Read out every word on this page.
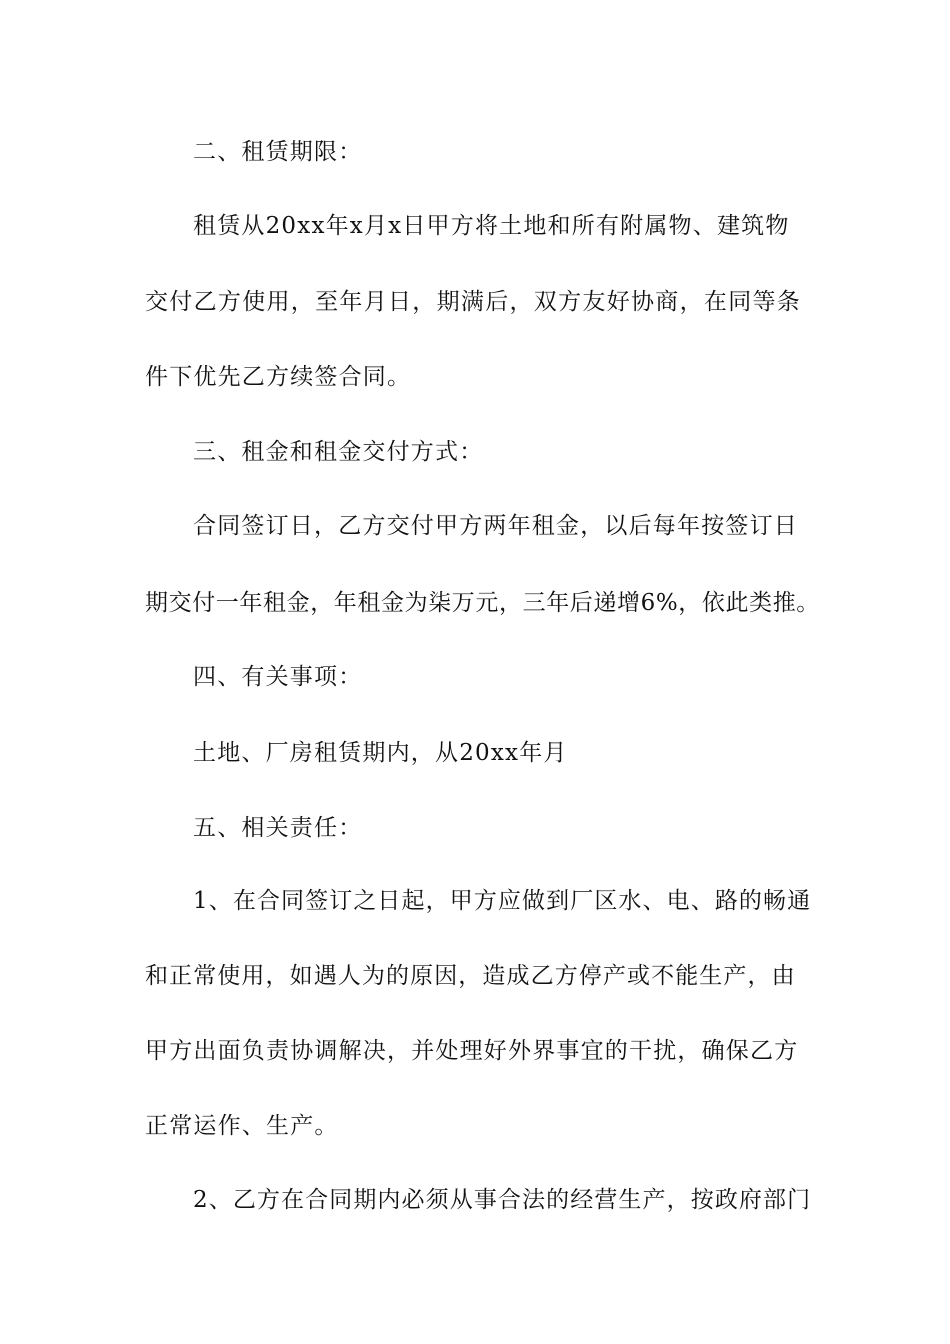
二、租赁期限：
租赁从20xx年x月x日甲方将土地和所有附属物、建筑物
交付乙方使用，至年月日，期满后，双方友好协商，在同等条
件下优先乙方续签合同。
三、租金和租金交付方式：
合同签订日，乙方交付甲方两年租金，以后每年按签订日
期交付一年租金，年租金为柒万元，三年后递增6%，依此类推。
四、有关事项：
土地、厂房租赁期内，从20xx年月
五、相关责任：
1、在合同签订之日起，甲方应做到厂区水、电、路的畅通
和正常使用，如遇人为的原因，造成乙方停产或不能生产，由
甲方出面负责协调解决，并处理好外界事宜的干扰，确保乙方
正常运作、生产。
2、乙方在合同期内必须从事合法的经营生产，按政府部门
